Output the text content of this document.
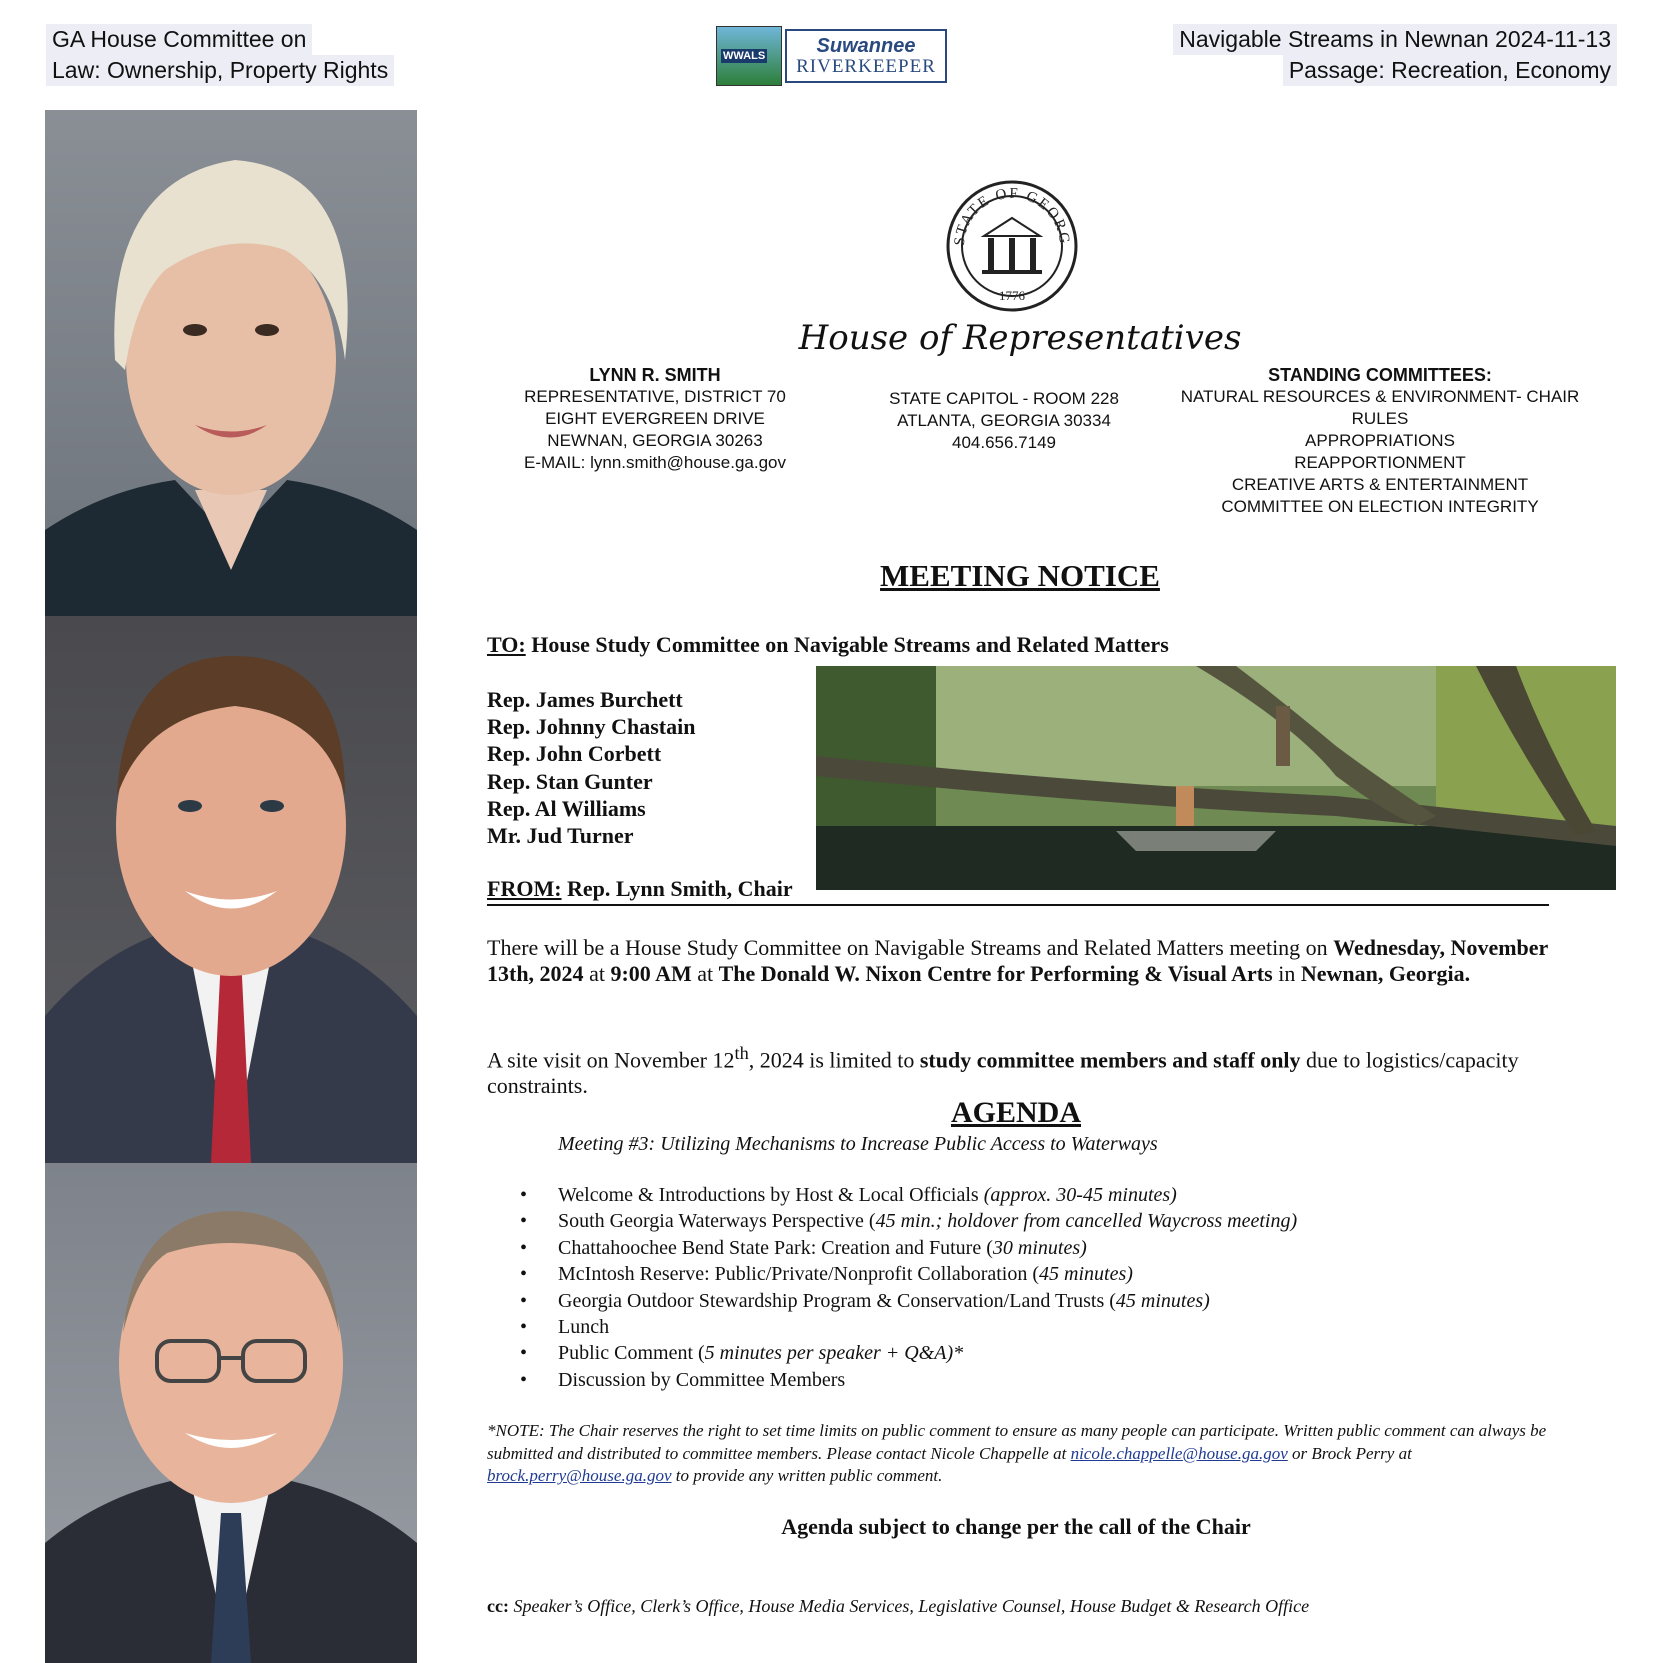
GA House Committee on
Law: Ownership, Property Rights
Navigable Streams in Newnan 2024-11-13
Passage: Recreation, Economy
WWALS	Suwannee
RIVERKEEPER
STATE OF GEORG
1776
House of Representatives
LYNN R. SMITH
REPRESENTATIVE, DISTRICT 70
EIGHT EVERGREEN DRIVE
NEWNAN, GEORGIA 30263
E-MAIL: lynn.smith@house.ga.gov
STATE CAPITOL - ROOM 228
ATLANTA, GEORGIA 30334
404.656.7149
STANDING COMMITTEES:
NATURAL RESOURCES & ENVIRONMENT- CHAIR
RULES
APPROPRIATIONS
REAPPORTIONMENT
CREATIVE ARTS & ENTERTAINMENT
COMMITTEE ON ELECTION INTEGRITY
MEETING NOTICE
TO: House Study Committee on Navigable Streams and Related Matters
Rep. James Burchett
Rep. Johnny Chastain
Rep. John Corbett
Rep. Stan Gunter
Rep. Al Williams
Mr. Jud Turner
FROM: Rep. Lynn Smith, Chair
There will be a House Study Committee on Navigable Streams and Related Matters meeting on Wednesday, November 13th, 2024 at 9:00 AM at The Donald W. Nixon Centre for Performing & Visual Arts in Newnan, Georgia.
A site visit on November 12th, 2024 is limited to study committee members and staff only due to logistics/capacity constraints.
AGENDA
Meeting #3: Utilizing Mechanisms to Increase Public Access to Waterways
• Welcome & Introductions by Host & Local Officials (approx. 30-45 minutes)
• South Georgia Waterways Perspective (45 min.; holdover from cancelled Waycross meeting)
• Chattahoochee Bend State Park: Creation and Future (30 minutes)
• McIntosh Reserve: Public/Private/Nonprofit Collaboration (45 minutes)
• Georgia Outdoor Stewardship Program & Conservation/Land Trusts (45 minutes)
• Lunch
• Public Comment (5 minutes per speaker + Q&A)*
• Discussion by Committee Members
*NOTE: The Chair reserves the right to set time limits on public comment to ensure as many people can participate. Written public comment can always be submitted and distributed to committee members. Please contact Nicole Chappelle at nicole.chappelle@house.ga.gov or Brock Perry at brock.perry@house.ga.gov to provide any written public comment.
Agenda subject to change per the call of the Chair
cc: Speaker’s Office, Clerk’s Office, House Media Services, Legislative Counsel, House Budget & Research Office
